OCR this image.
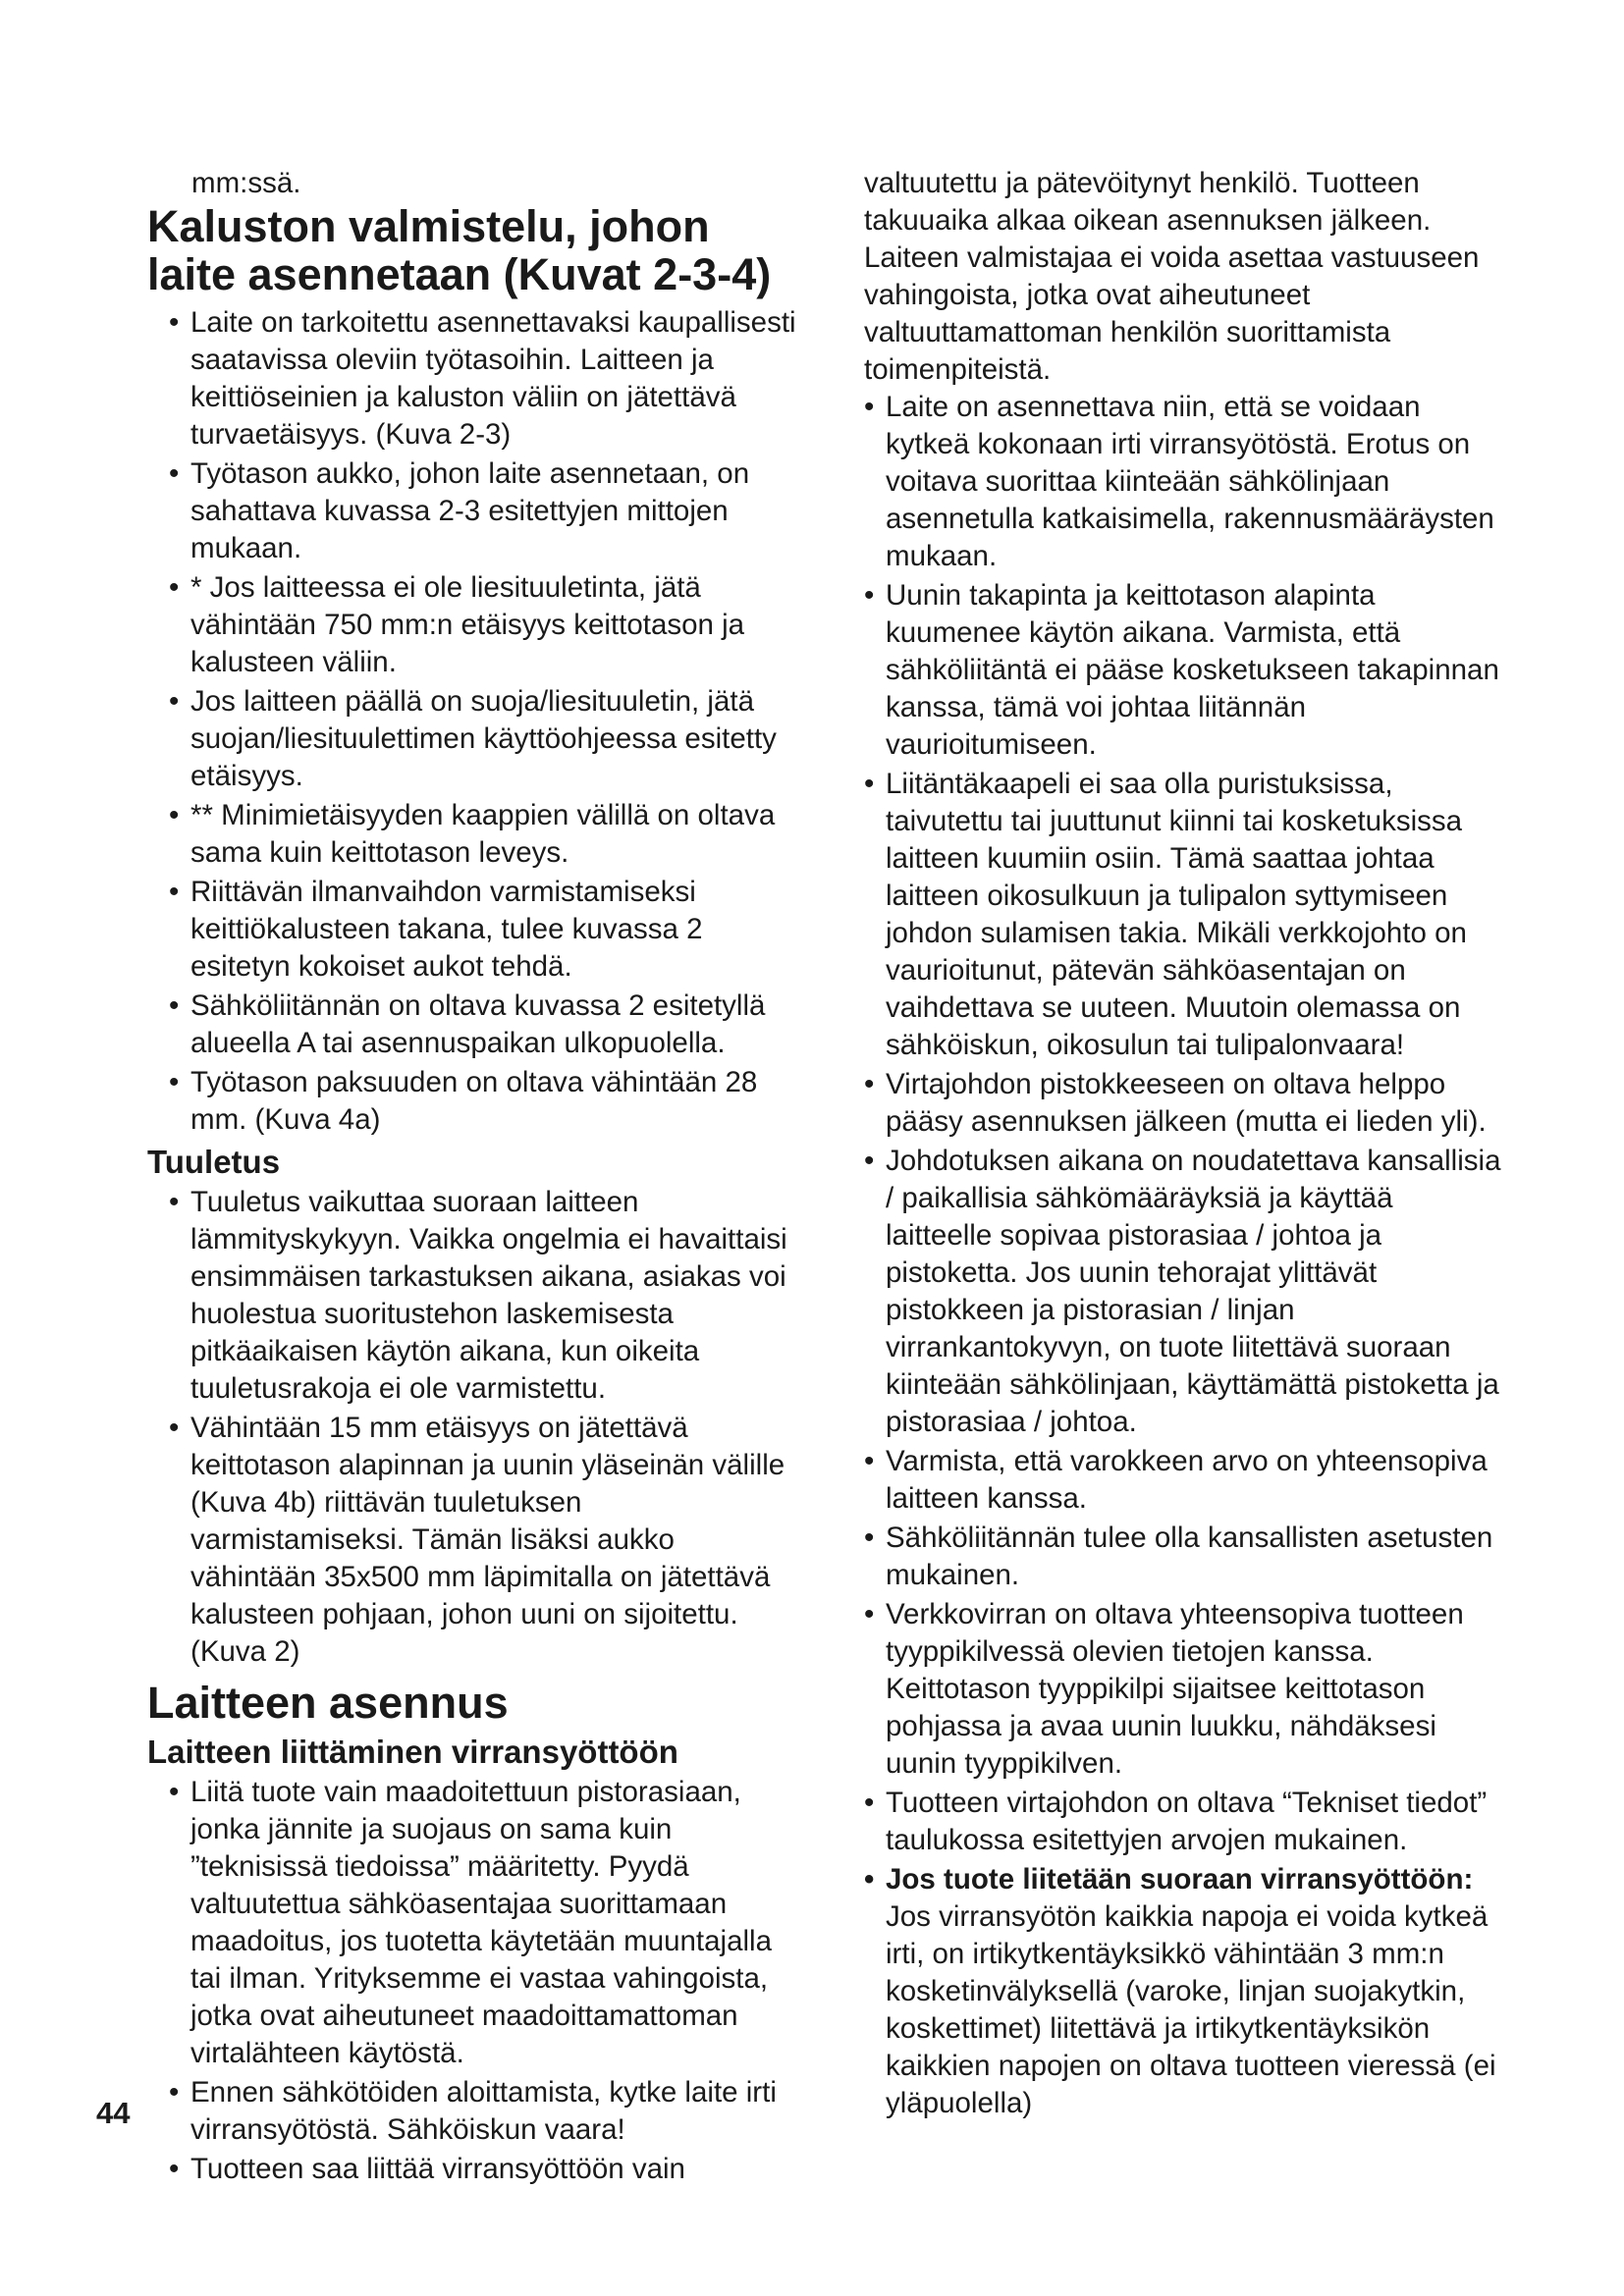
mm:ssä.

Kaluston valmistelu, johon laite asennetaan (Kuvat 2-3-4)
• Laite on tarkoitettu asennettavaksi kaupallisesti saatavissa oleviin työtasoihin. Laitteen ja keittiöseinien ja kaluston väliin on jätettävä turvaetäisyys. (Kuva 2-3)
• Työtason aukko, johon laite asennetaan, on sahattava kuvassa 2-3 esitettyjen mittojen mukaan.
• * Jos laitteessa ei ole liesituuletinta, jätä vähintään 750 mm:n etäisyys keittotason ja kalusteen väliin.
• Jos laitteen päällä on suoja/liesituuletin, jätä suojan/liesituulettimen käyttöohjeessa esitetty etäisyys.
• ** Minimietäisyyden kaappien välillä on oltava sama kuin keittotason leveys.
• Riittävän ilmanvaihdon varmistamiseksi keittiökalusteen takana, tulee kuvassa 2 esitetyn kokoiset aukot tehdä.
• Sähköliitännän on oltava kuvassa 2 esitetyllä alueella A tai asennuspaikan ulkopuolella.
• Työtason paksuuden on oltava vähintään 28 mm. (Kuva 4a)
Tuuletus
• Tuuletus vaikuttaa suoraan laitteen lämmityskykyyn. Vaikka ongelmia ei havaittaisi ensimmäisen tarkastuksen aikana, asiakas voi huolestua suoritustehon laskemisesta pitkäaikaisen käytön aikana, kun oikeita tuuletusrakoja ei ole varmistettu.
• Vähintään 15 mm etäisyys on jätettävä keittotason alapinnan ja uunin yläseinän välille (Kuva 4b) riittävän tuuletuksen varmistamiseksi. Tämän lisäksi aukko vähintään 35x500 mm läpimitalla on jätettävä kalusteen pohjaan, johon uuni on sijoitettu. (Kuva 2)
Laitteen asennus
Laitteen liittäminen virransyöttöön
• Liitä tuote vain maadoitettuun pistorasiaan, jonka jännite ja suojaus on sama kuin ”teknisissä tiedoissa” määritetty. Pyydä valtuutettua sähköasentajaa suorittamaan maadoitus, jos tuotetta käytetään muuntajalla tai ilman. Yrityksemme ei vastaa vahingoista, jotka ovat aiheutuneet maadoittamattoman virtalähteen käytöstä.
• Ennen sähkötöiden aloittamista, kytke laite irti virransyötöstä. Sähköiskun vaara!
• Tuotteen saa liittää virransyöttöön vain

valtuutettu ja pätevöitynyt henkilö. Tuotteen takuuaika alkaa oikean asennuksen jälkeen. Laiteen valmistajaa ei voida asettaa vastuuseen vahingoista, jotka ovat aiheutuneet valtuuttamattoman henkilön suorittamista toimenpiteistä.

• Laite on asennettava niin, että se voidaan kytkeä kokonaan irti virransyötöstä. Erotus on voitava suorittaa kiinteään sähkölinjaan asennetulla katkaisimella, rakennusmääräysten mukaan.
• Uunin takapinta ja keittotason alapinta kuumenee käytön aikana. Varmista, että sähköliitäntä ei pääse kosketukseen takapinnan kanssa, tämä voi johtaa liitännän vaurioitumiseen.
• Liitäntäkaapeli ei saa olla puristuksissa, taivutettu tai juuttunut kiinni tai kosketuksissa laitteen kuumiin osiin. Tämä saattaa johtaa laitteen oikosulkuun ja tulipalon syttymiseen johdon sulamisen takia. Mikäli verkkojohto on vaurioitunut, pätevän sähköasentajan on vaihdettava se uuteen. Muutoin olemassa on sähköiskun, oikosulun tai tulipalonvaara!
• Virtajohdon pistokkeeseen on oltava helppo pääsy asennuksen jälkeen (mutta ei lieden yli).
• Johdotuksen aikana on noudatettava kansallisia / paikallisia sähkömääräyksiä ja käyttää laitteelle sopivaa pistorasiaa / johtoa ja pistoketta. Jos uunin tehorajat ylittävät pistokkeen ja pistorasian / linjan virrankantokyvyn, on tuote liitettävä suoraan kiinteään sähkölinjaan, käyttämättä pistoketta ja pistorasiaa / johtoa.
• Varmista, että varokkeen arvo on yhteensopiva laitteen kanssa.
• Sähköliitännän tulee olla kansallisten asetusten mukainen.
• Verkkovirran on oltava yhteensopiva tuotteen tyyppikilvessä olevien tietojen kanssa. Keittotason tyyppikilpi sijaitsee keittotason pohjassa ja avaa uunin luukku, nähdäksesi uunin tyyppikilven.
• Tuotteen virtajohdon on oltava “Tekniset tiedot” taulukossa esitettyjen arvojen mukainen.
• Jos tuote liitetään suoraan virransyöttöön: Jos virransyötön kaikkia napoja ei voida kytkeä irti, on irtikytkentäyksikkö vähintään 3 mm:n kosketinvälyksellä (varoke, linjan suojakytkin, koskettimet) liitettävä ja irtikytkentäyksikön kaikkien napojen on oltava tuotteen vieressä (ei yläpuolella)
44
